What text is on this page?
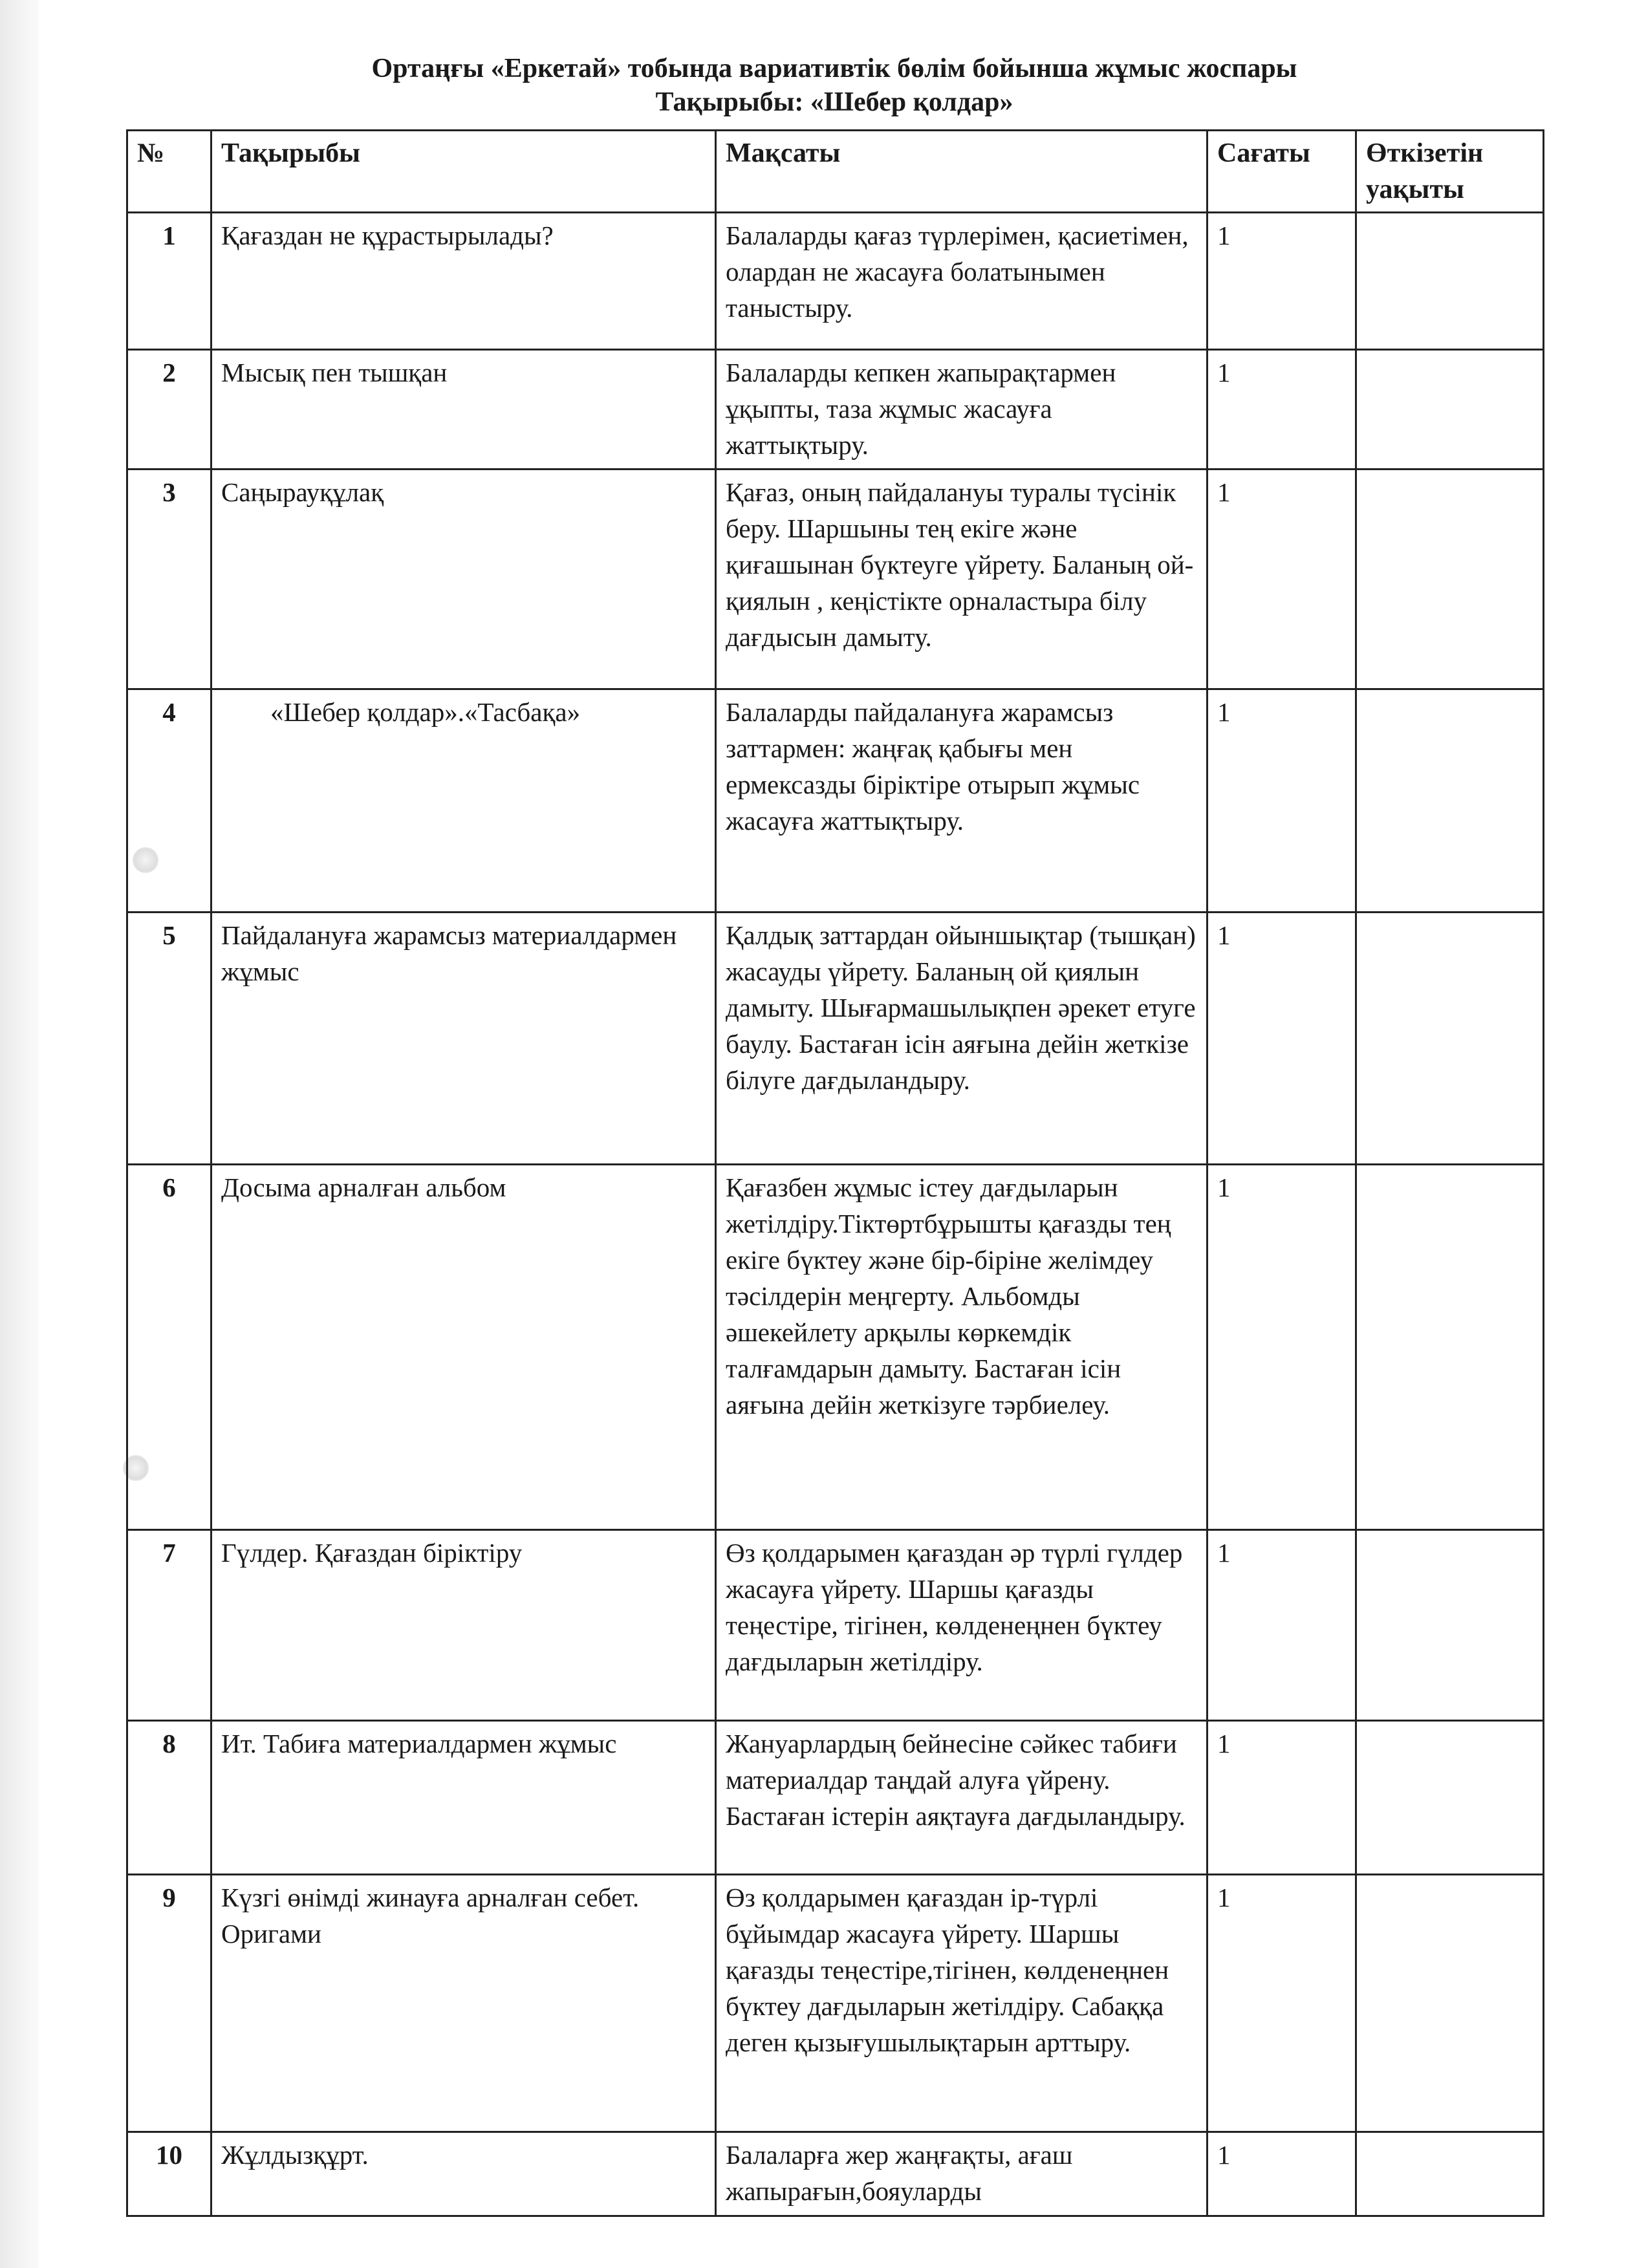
Ортаңғы «Еркетай» тобында вариативтік бөлім бойынша жұмыс жоспары
Тақырыбы: «Шебер қолдар»
№	Тақырыбы	Мақсаты	Сағаты	Өткізетін уақыты
1	Қағаздан не құрастырылады?	Балаларды қағаз түрлерімен, қасиетімен, олардан не жасауға болатынымен таныстыру.	1	
2	Мысық пен тышқан	Балаларды кепкен жапырақтармен ұқыпты, таза жұмыс жасауға жаттықтыру.	1	
3	Саңырауқұлақ	Қағаз, оның пайдалануы туралы түсінік беру. Шаршыны тең екіге және қиғашынан бүктеуге үйрету. Баланың ой-қиялын , кеңістікте орналастыра білу дағдысын дамыту.	1	
4	«Шебер қолдар».«Тасбақа»	Балаларды пайдалануға жарамсыз заттармен: жаңғақ қабығы мен ермексазды біріктіре отырып жұмыс жасауға жаттықтыру.	1	
5	Пайдалануға жарамсыз материалдармен жұмыс	Қалдық заттардан ойыншықтар (тышқан) жасауды үйрету. Баланың ой қиялын дамыту. Шығармашылықпен әрекет етуге баулу. Бастаған ісін аяғына дейін жеткізе білуге дағдыландыру.	1	
6	Досыма арналған альбом	Қағазбен жұмыс істеу дағдыларын жетілдіру.Тіктөртбұрышты қағазды тең екіге бүктеу және бір-біріне желімдеу тәсілдерін меңгерту. Альбомды әшекейлету арқылы көркемдік талғамдарын дамыту. Бастаған ісін аяғына дейін жеткізуге тәрбиелеу.	1	
7	Гүлдер. Қағаздан біріктіру	Өз қолдарымен қағаздан әр түрлі гүлдер жасауға үйрету. Шаршы қағазды теңестіре, тігінен, көлденеңнен бүктеу дағдыларын жетілдіру.	1	
8	Ит. Табиға материалдармен жұмыс	Жануарлардың бейнесіне сәйкес табиғи материалдар таңдай алуға үйрену. Бастаған істерін аяқтауға дағдыландыру.	1	
9	Күзгі өнімді жинауға арналған себет. Оригами	Өз қолдарымен қағаздан ір-түрлі бұйымдар жасауға үйрету. Шаршы қағазды теңестіре,тігінен, көлденеңнен бүктеу дағдыларын жетілдіру. Сабаққа деген қызығушылықтарын арттыру.	1	
10	Жұлдызқұрт.	Балаларға жер жаңғақты, ағаш жапырағын,бояуларды	1	
